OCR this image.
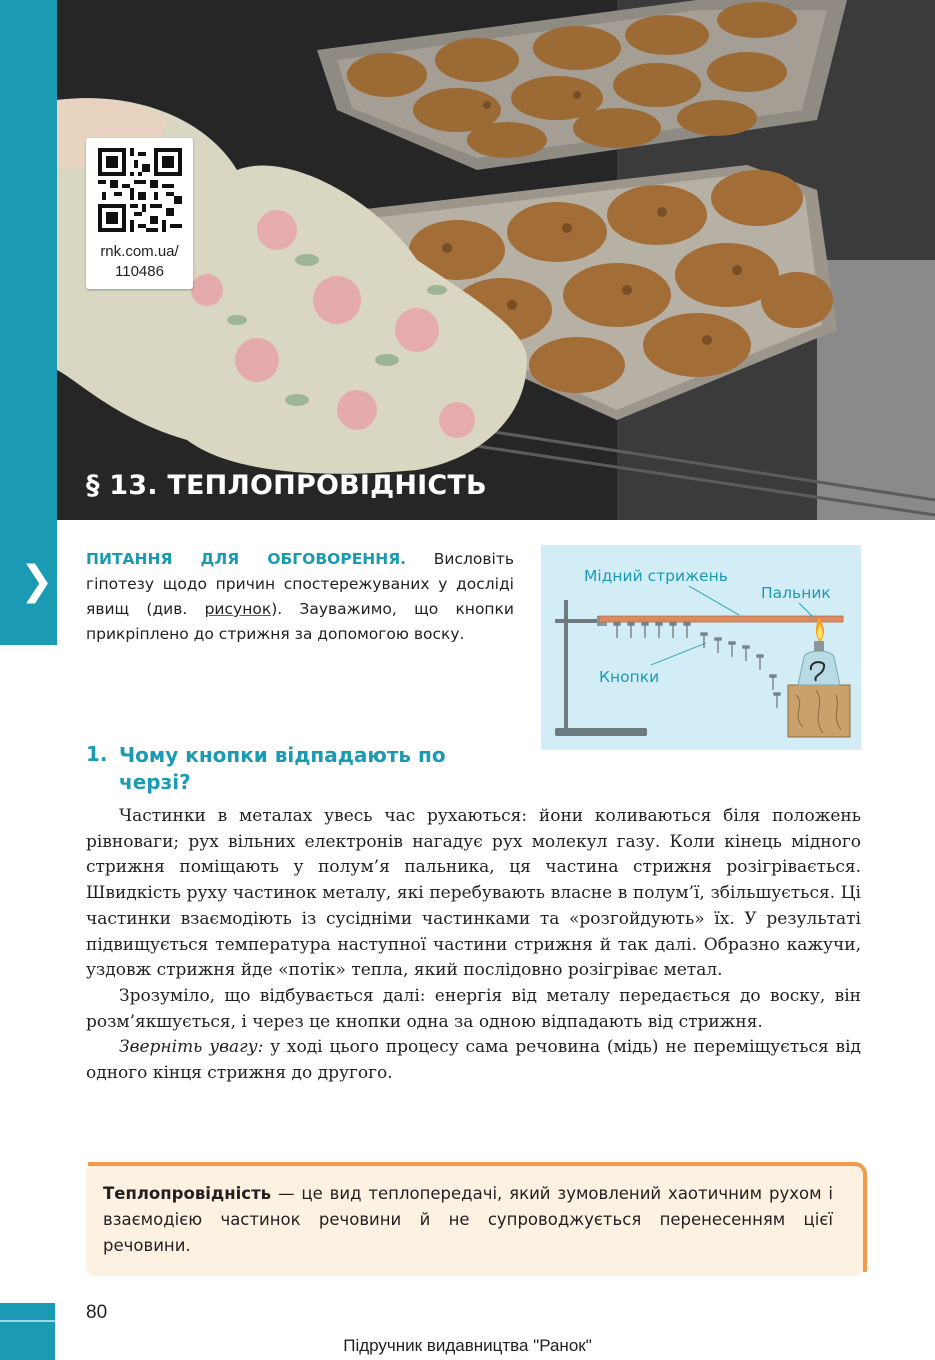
rnk.com.ua/
110486
§ 13. ТЕПЛОПРОВІДНІСТЬ
❯ ПИТАННЯ ДЛЯ ОБГОВОРЕННЯ. Висловіть гіпотезу щодо причин спостережуваних у досліді явищ (див. рисунок). Зауважимо, що кнопки прикріплено до стрижня за допомогою воску.
Мідний стрижень
Пальник
Кнопки
1. Чому кнопки відпадають по черзі?

Частинки в металах увесь час рухаються: йони коливаються біля положень рівноваги; рух вільних електронів нагадує рух молекул газу. Коли кінець мідного стрижня поміщають у полум’я пальника, ця частина стрижня розігрівається. Швидкість руху частинок металу, які перебувають власне в полум’ї, збільшується. Ці частинки взаємодіють із сусідніми частинками та «розгойдують» їх. У результаті підвищується температура наступної частини стрижня й так далі. Образно кажучи, уздовж стрижня йде «потік» тепла, який послідовно розігріває метал.

Зрозуміло, що відбувається далі: енергія від металу передається до воску, він розм’якшується, і через це кнопки одна за одною відпадають від стрижня.

Зверніть увагу: у ході цього процесу сама речовина (мідь) не переміщується від одного кінця стрижня до другого.

Теплопровідність — це вид теплопередачі, який зумовлений хаотичним рухом і взаємодією частинок речовини й не супроводжується перенесенням цієї речовини.
80
Підручник видавництва "Ранок"
